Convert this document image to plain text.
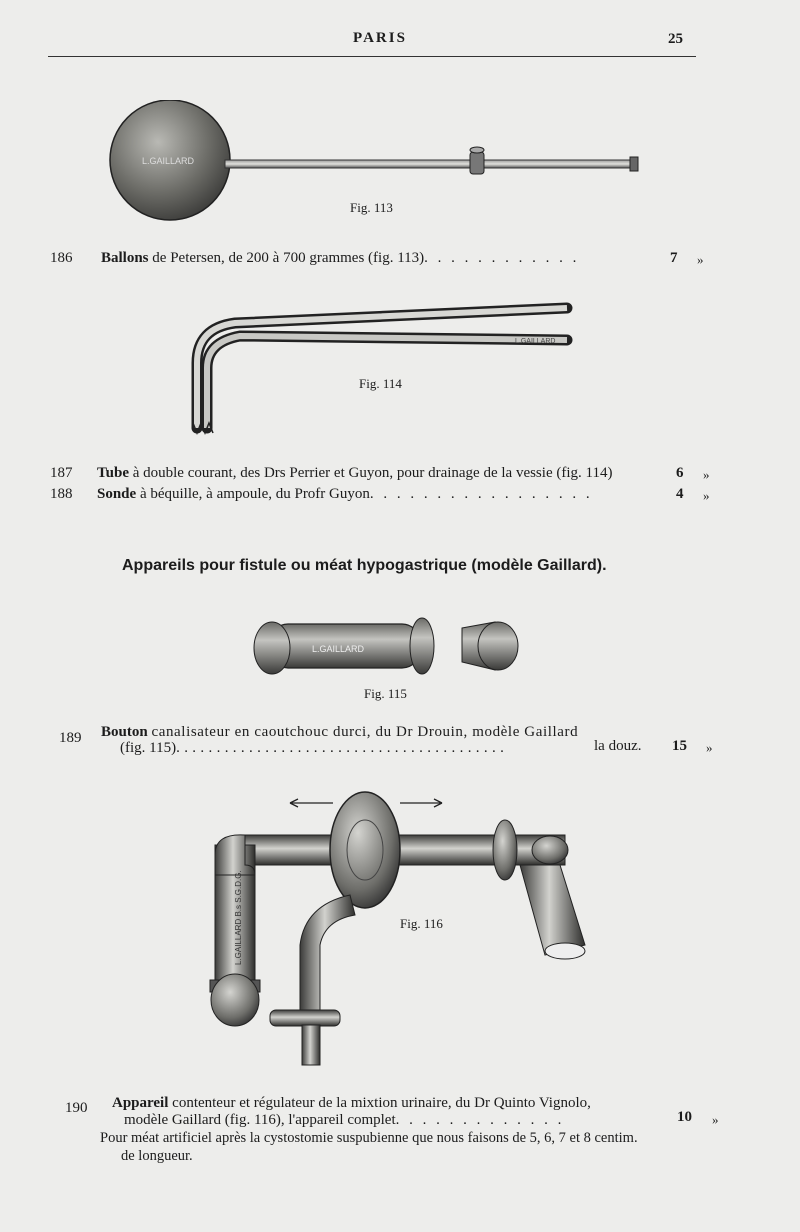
PARIS	25
L.GAILLARD
Fig. 113
186 Ballons de Petersen, de 200 à 700 grammes (fig. 113). . . . . . . . . . . .	7 »
L.GAILLARD
Fig. 114
187 Tube à double courant, des Drs Perrier et Guyon, pour drainage de la vessie (fig. 114)	6 »
188 Sonde à béquille, à ampoule, du Profr Guyon. . . . . . . . . . . . . . . . .	4 »
Appareils pour fistule ou méat hypogastrique (modèle Gaillard).
L.GAILLARD
Fig. 115
189 Bouton canalisateur en caoutchouc durci, du Dr Drouin, modèle Gaillard
(fig. 115). . . . . . . . . . . . . . . . . . . . . . . . . . . . . . . . . . . . . . . . .	la douz. 15 »
L.GAILLARD B.s S.G.D.G.	Fig. 116
190 Appareil contenteur et régulateur de la mixtion urinaire, du Dr Quinto Vignolo,
modèle Gaillard (fig. 116), l'appareil complet. . . . . . . . . . . . .	10 »
Pour méat artificiel après la cystostomie suspubienne que nous faisons de 5, 6, 7 et 8 centim.
de longueur.
